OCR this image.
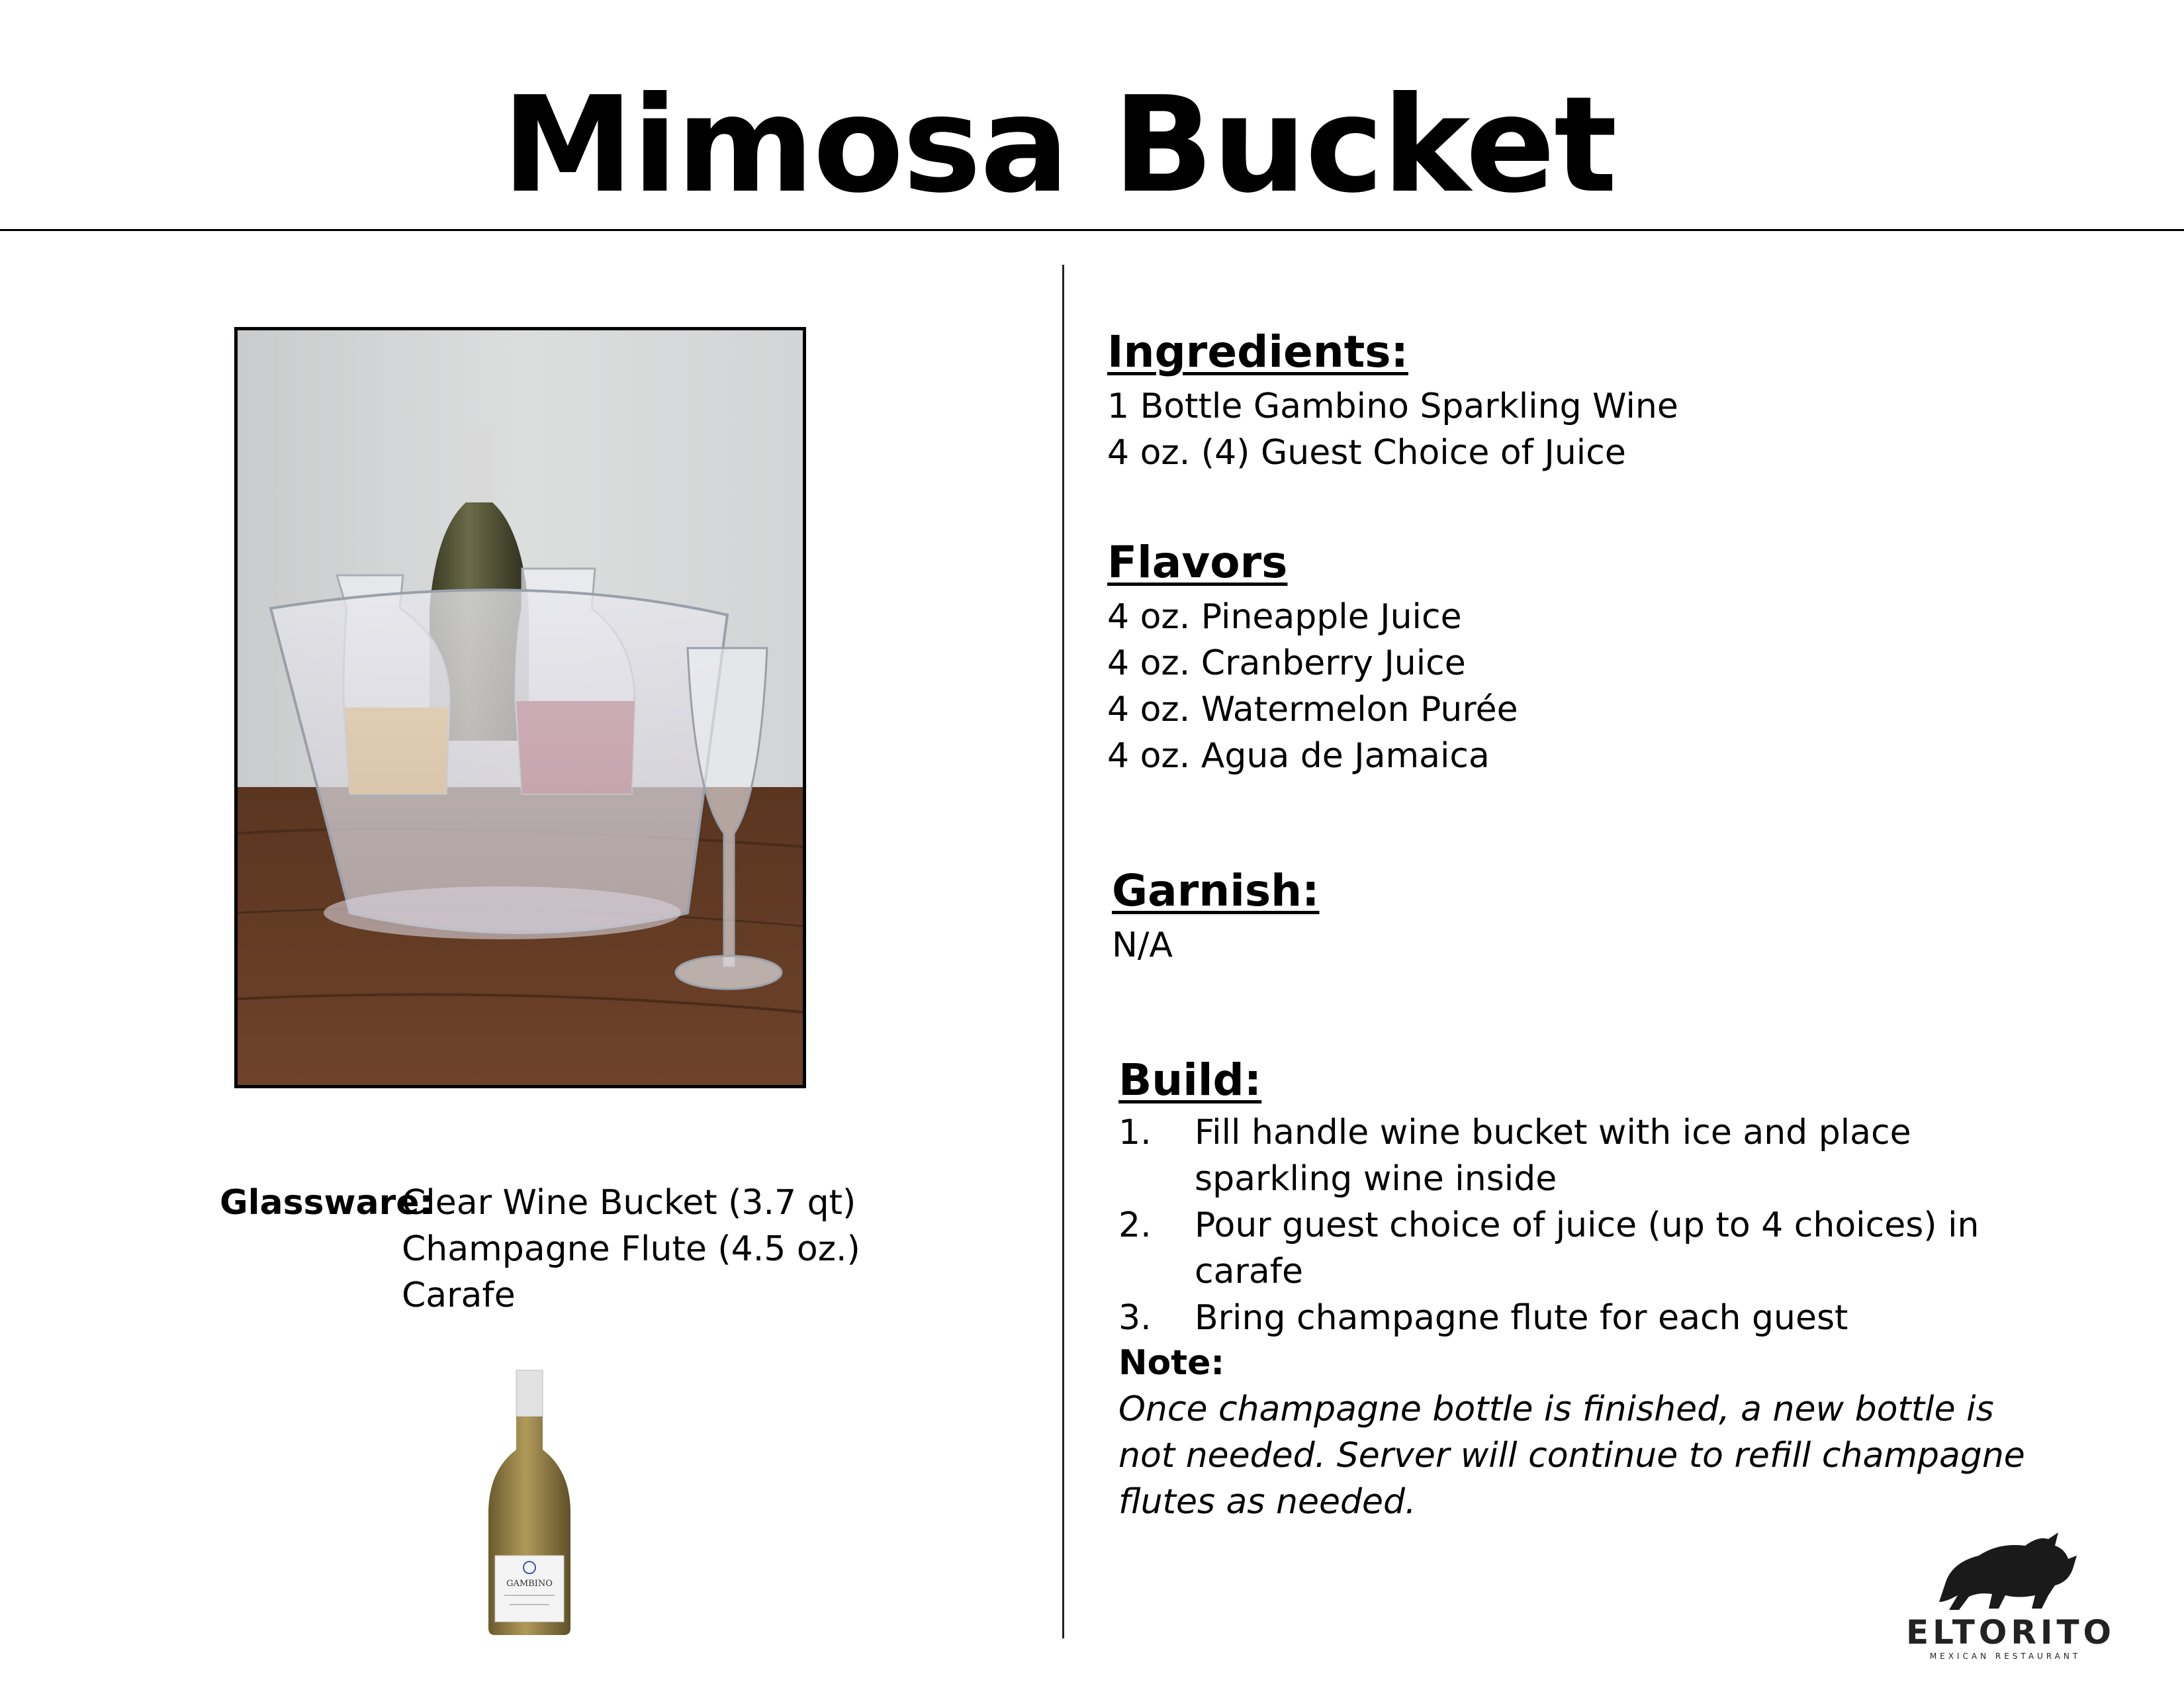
Mimosa Bucket
Glassware:
Clear Wine Bucket (3.7 qt)
Champagne Flute (4.5 oz.)
Carafe
GAMBINO
Ingredients:
1 Bottle Gambino Sparkling Wine
4 oz. (4) Guest Choice of Juice
Flavors
4 oz. Pineapple Juice
4 oz. Cranberry Juice
4 oz. Watermelon Purée
4 oz. Agua de Jamaica
Garnish:
N/A
Build:
1.	Fill handle wine bucket with ice and place sparkling wine inside
2.	Pour guest choice of juice (up to 4 choices) in carafe
3.	Bring champagne flute for each guest
Note:
Once champagne bottle is finished, a new bottle is not needed. Server will continue to refill champagne flutes as needed.
ELTORITO
MEXICAN RESTAURANT
